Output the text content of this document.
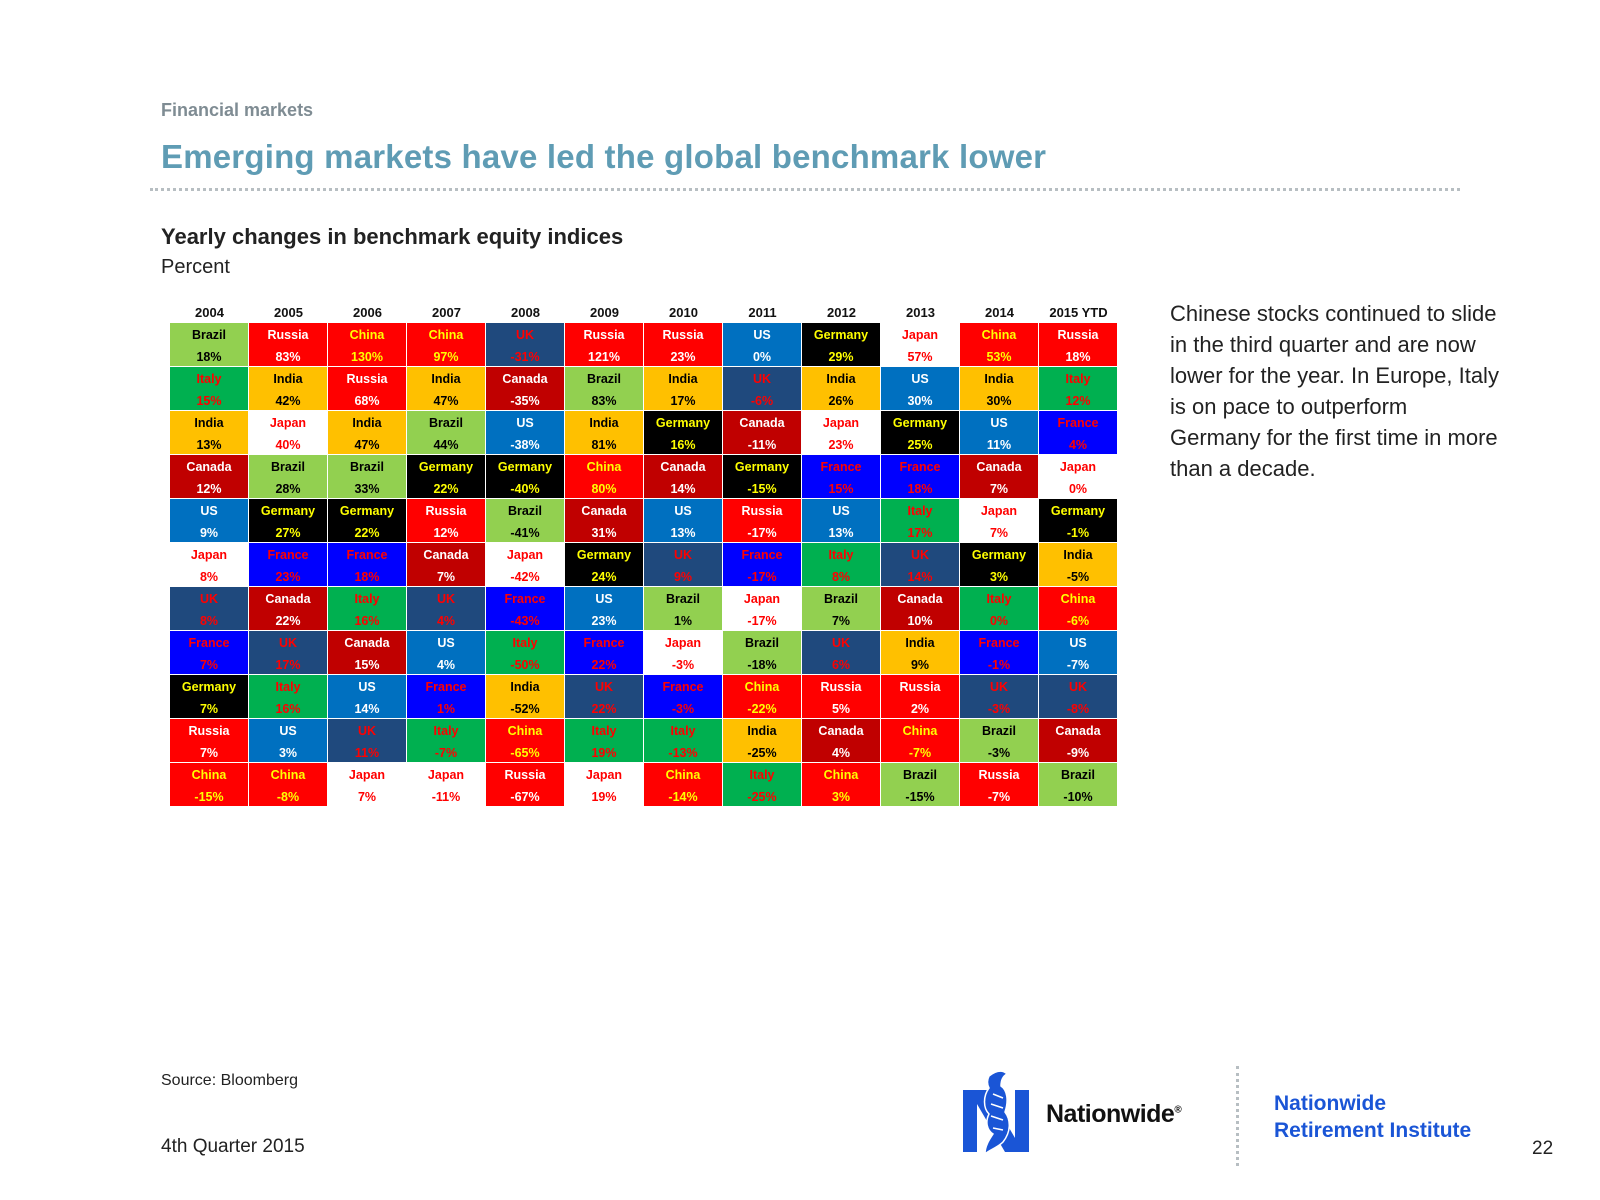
Financial markets
Emerging markets have led the global benchmark lower
Yearly changes in benchmark equity indices
Percent
2004
Brazil
18%
Italy
15%
India
13%
Canada
12%
US
9%
Japan
8%
UK
8%
France
7%
Germany
7%
Russia
7%
China
-15%
2005
Russia
83%
India
42%
Japan
40%
Brazil
28%
Germany
27%
France
23%
Canada
22%
UK
17%
Italy
16%
US
3%
China
-8%
2006
China
130%
Russia
68%
India
47%
Brazil
33%
Germany
22%
France
18%
Italy
16%
Canada
15%
US
14%
UK
11%
Japan
7%
2007
China
97%
India
47%
Brazil
44%
Germany
22%
Russia
12%
Canada
7%
UK
4%
US
4%
France
1%
Italy
-7%
Japan
-11%
2008
UK
-31%
Canada
-35%
US
-38%
Germany
-40%
Brazil
-41%
Japan
-42%
France
-43%
Italy
-50%
India
-52%
China
-65%
Russia
-67%
2009
Russia
121%
Brazil
83%
India
81%
China
80%
Canada
31%
Germany
24%
US
23%
France
22%
UK
22%
Italy
19%
Japan
19%
2010
Russia
23%
India
17%
Germany
16%
Canada
14%
US
13%
UK
9%
Brazil
1%
Japan
-3%
France
-3%
Italy
-13%
China
-14%
2011
US
0%
UK
-6%
Canada
-11%
Germany
-15%
Russia
-17%
France
-17%
Japan
-17%
Brazil
-18%
China
-22%
India
-25%
Italy
-25%
2012
Germany
29%
India
26%
Japan
23%
France
15%
US
13%
Italy
8%
Brazil
7%
UK
6%
Russia
5%
Canada
4%
China
3%
2013
Japan
57%
US
30%
Germany
25%
France
18%
Italy
17%
UK
14%
Canada
10%
India
9%
Russia
2%
China
-7%
Brazil
-15%
2014
China
53%
India
30%
US
11%
Canada
7%
Japan
7%
Germany
3%
Italy
0%
France
-1%
UK
-3%
Brazil
-3%
Russia
-7%
2015 YTD
Russia
18%
Italy
12%
France
4%
Japan
0%
Germany
-1%
India
-5%
China
-6%
US
-7%
UK
-8%
Canada
-9%
Brazil
-10%
Chinese stocks continued to slide in the third quarter and are now lower for the year. In Europe, Italy is on pace to outperform Germany for the first time in more than a decade.
Source: Bloomberg
4th Quarter 2015
Nationwide®	Nationwide
Retirement Institute
22
